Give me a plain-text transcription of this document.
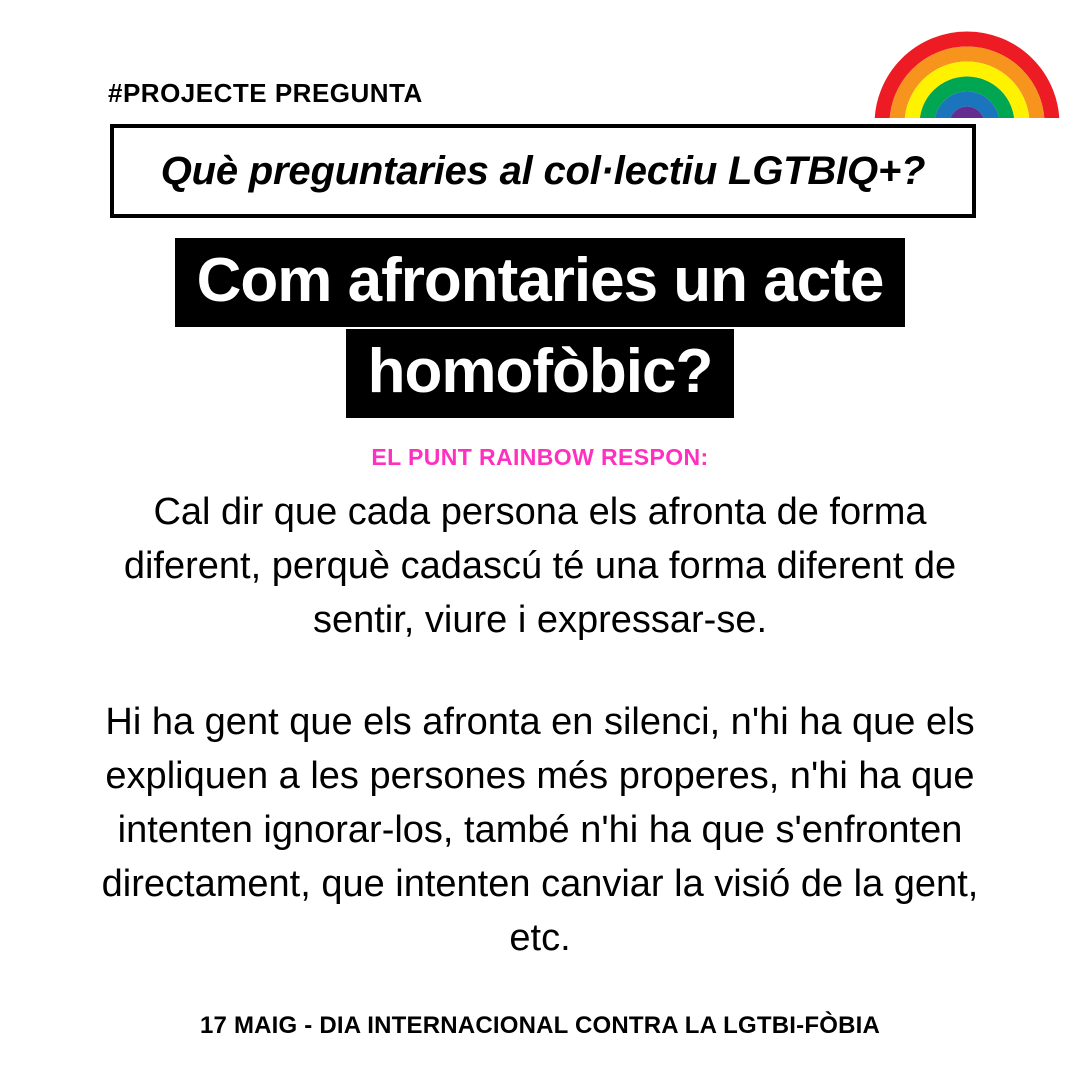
#PROJECTE PREGUNTA
Què preguntaries al col·lectiu LGTBIQ+?
Com afrontaries un acte
homofòbic?
EL PUNT RAINBOW RESPON:

Cal dir que cada persona els afronta de forma diferent, perquè cadascú té una forma diferent de sentir, viure i expressar-se.

Hi ha gent que els afronta en silenci, n'hi ha que els expliquen a les persones més properes, n'hi ha que intenten ignorar-los, també n'hi ha que s'enfronten directament, que intenten canviar la visió de la gent, etc.

17 MAIG - DIA INTERNACIONAL CONTRA LA LGTBI-FÒBIA
